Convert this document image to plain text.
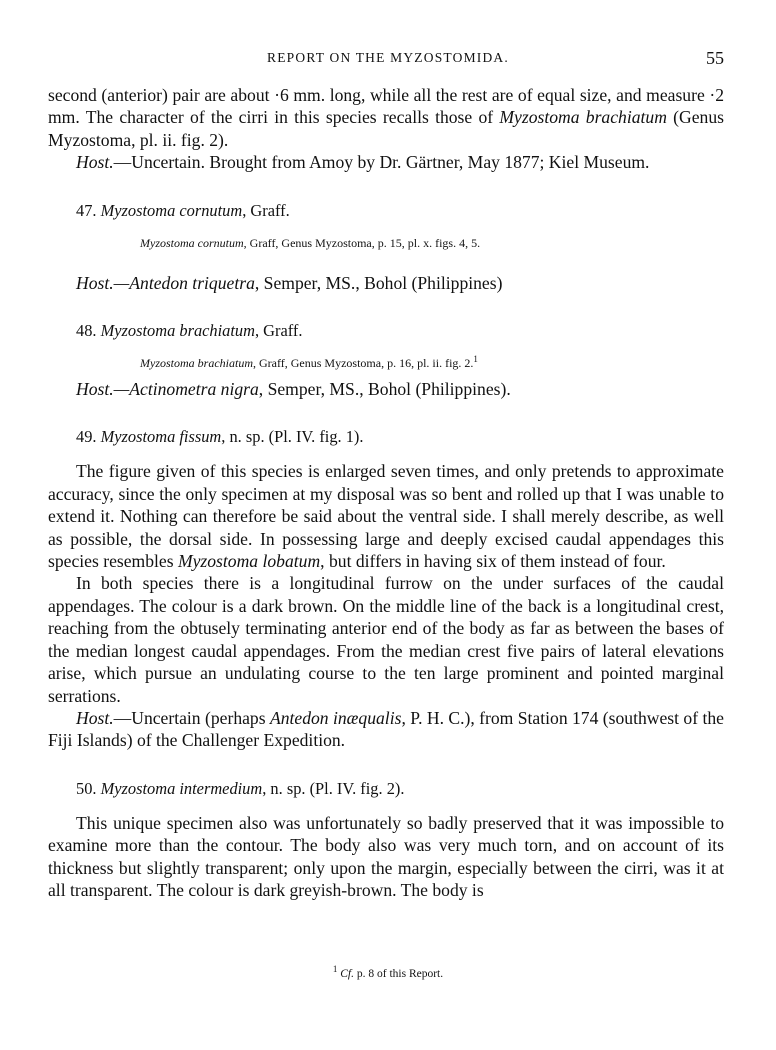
REPORT ON THE MYZOSTOMIDA.	55

second (anterior) pair are about ·6 mm. long, while all the rest are of equal size, and measure ·2 mm. The character of the cirri in this species recalls those of Myzostoma brachiatum (Genus Myzostoma, pl. ii. fig. 2).

Host.—Uncertain. Brought from Amoy by Dr. Gärtner, May 1877; Kiel Museum.

47. Myzostoma cornutum, Graff.

Myzostoma cornutum, Graff, Genus Myzostoma, p. 15, pl. x. figs. 4, 5.

Host.—Antedon triquetra, Semper, MS., Bohol (Philippines)

48. Myzostoma brachiatum, Graff.

Myzostoma brachiatum, Graff, Genus Myzostoma, p. 16, pl. ii. fig. 2.$^1$

Host.—Actinometra nigra, Semper, MS., Bohol (Philippines).

49. Myzostoma fissum, n. sp. (Pl. IV. fig. 1).

The figure given of this species is enlarged seven times, and only pretends to approximate accuracy, since the only specimen at my disposal was so bent and rolled up that I was unable to extend it. Nothing can therefore be said about the ventral side. I shall merely describe, as well as possible, the dorsal side. In possessing large and deeply excised caudal appendages this species resembles Myzostoma lobatum, but differs in having six of them instead of four.

In both species there is a longitudinal furrow on the under surfaces of the caudal appendages. The colour is a dark brown. On the middle line of the back is a longitudinal crest, reaching from the obtusely terminating anterior end of the body as far as between the bases of the median longest caudal appendages. From the median crest five pairs of lateral elevations arise, which pursue an undulating course to the ten large prominent and pointed marginal serrations.

Host.—Uncertain (perhaps Antedon inæqualis, P. H. C.), from Station 174 (southwest of the Fiji Islands) of the Challenger Expedition.

50. Myzostoma intermedium, n. sp. (Pl. IV. fig. 2).

This unique specimen also was unfortunately so badly preserved that it was impossible to examine more than the contour. The body also was very much torn, and on account of its thickness but slightly transparent; only upon the margin, especially between the cirri, was it at all transparent. The colour is dark greyish-brown. The body is

$^1$ Cf. p. 8 of this Report.
